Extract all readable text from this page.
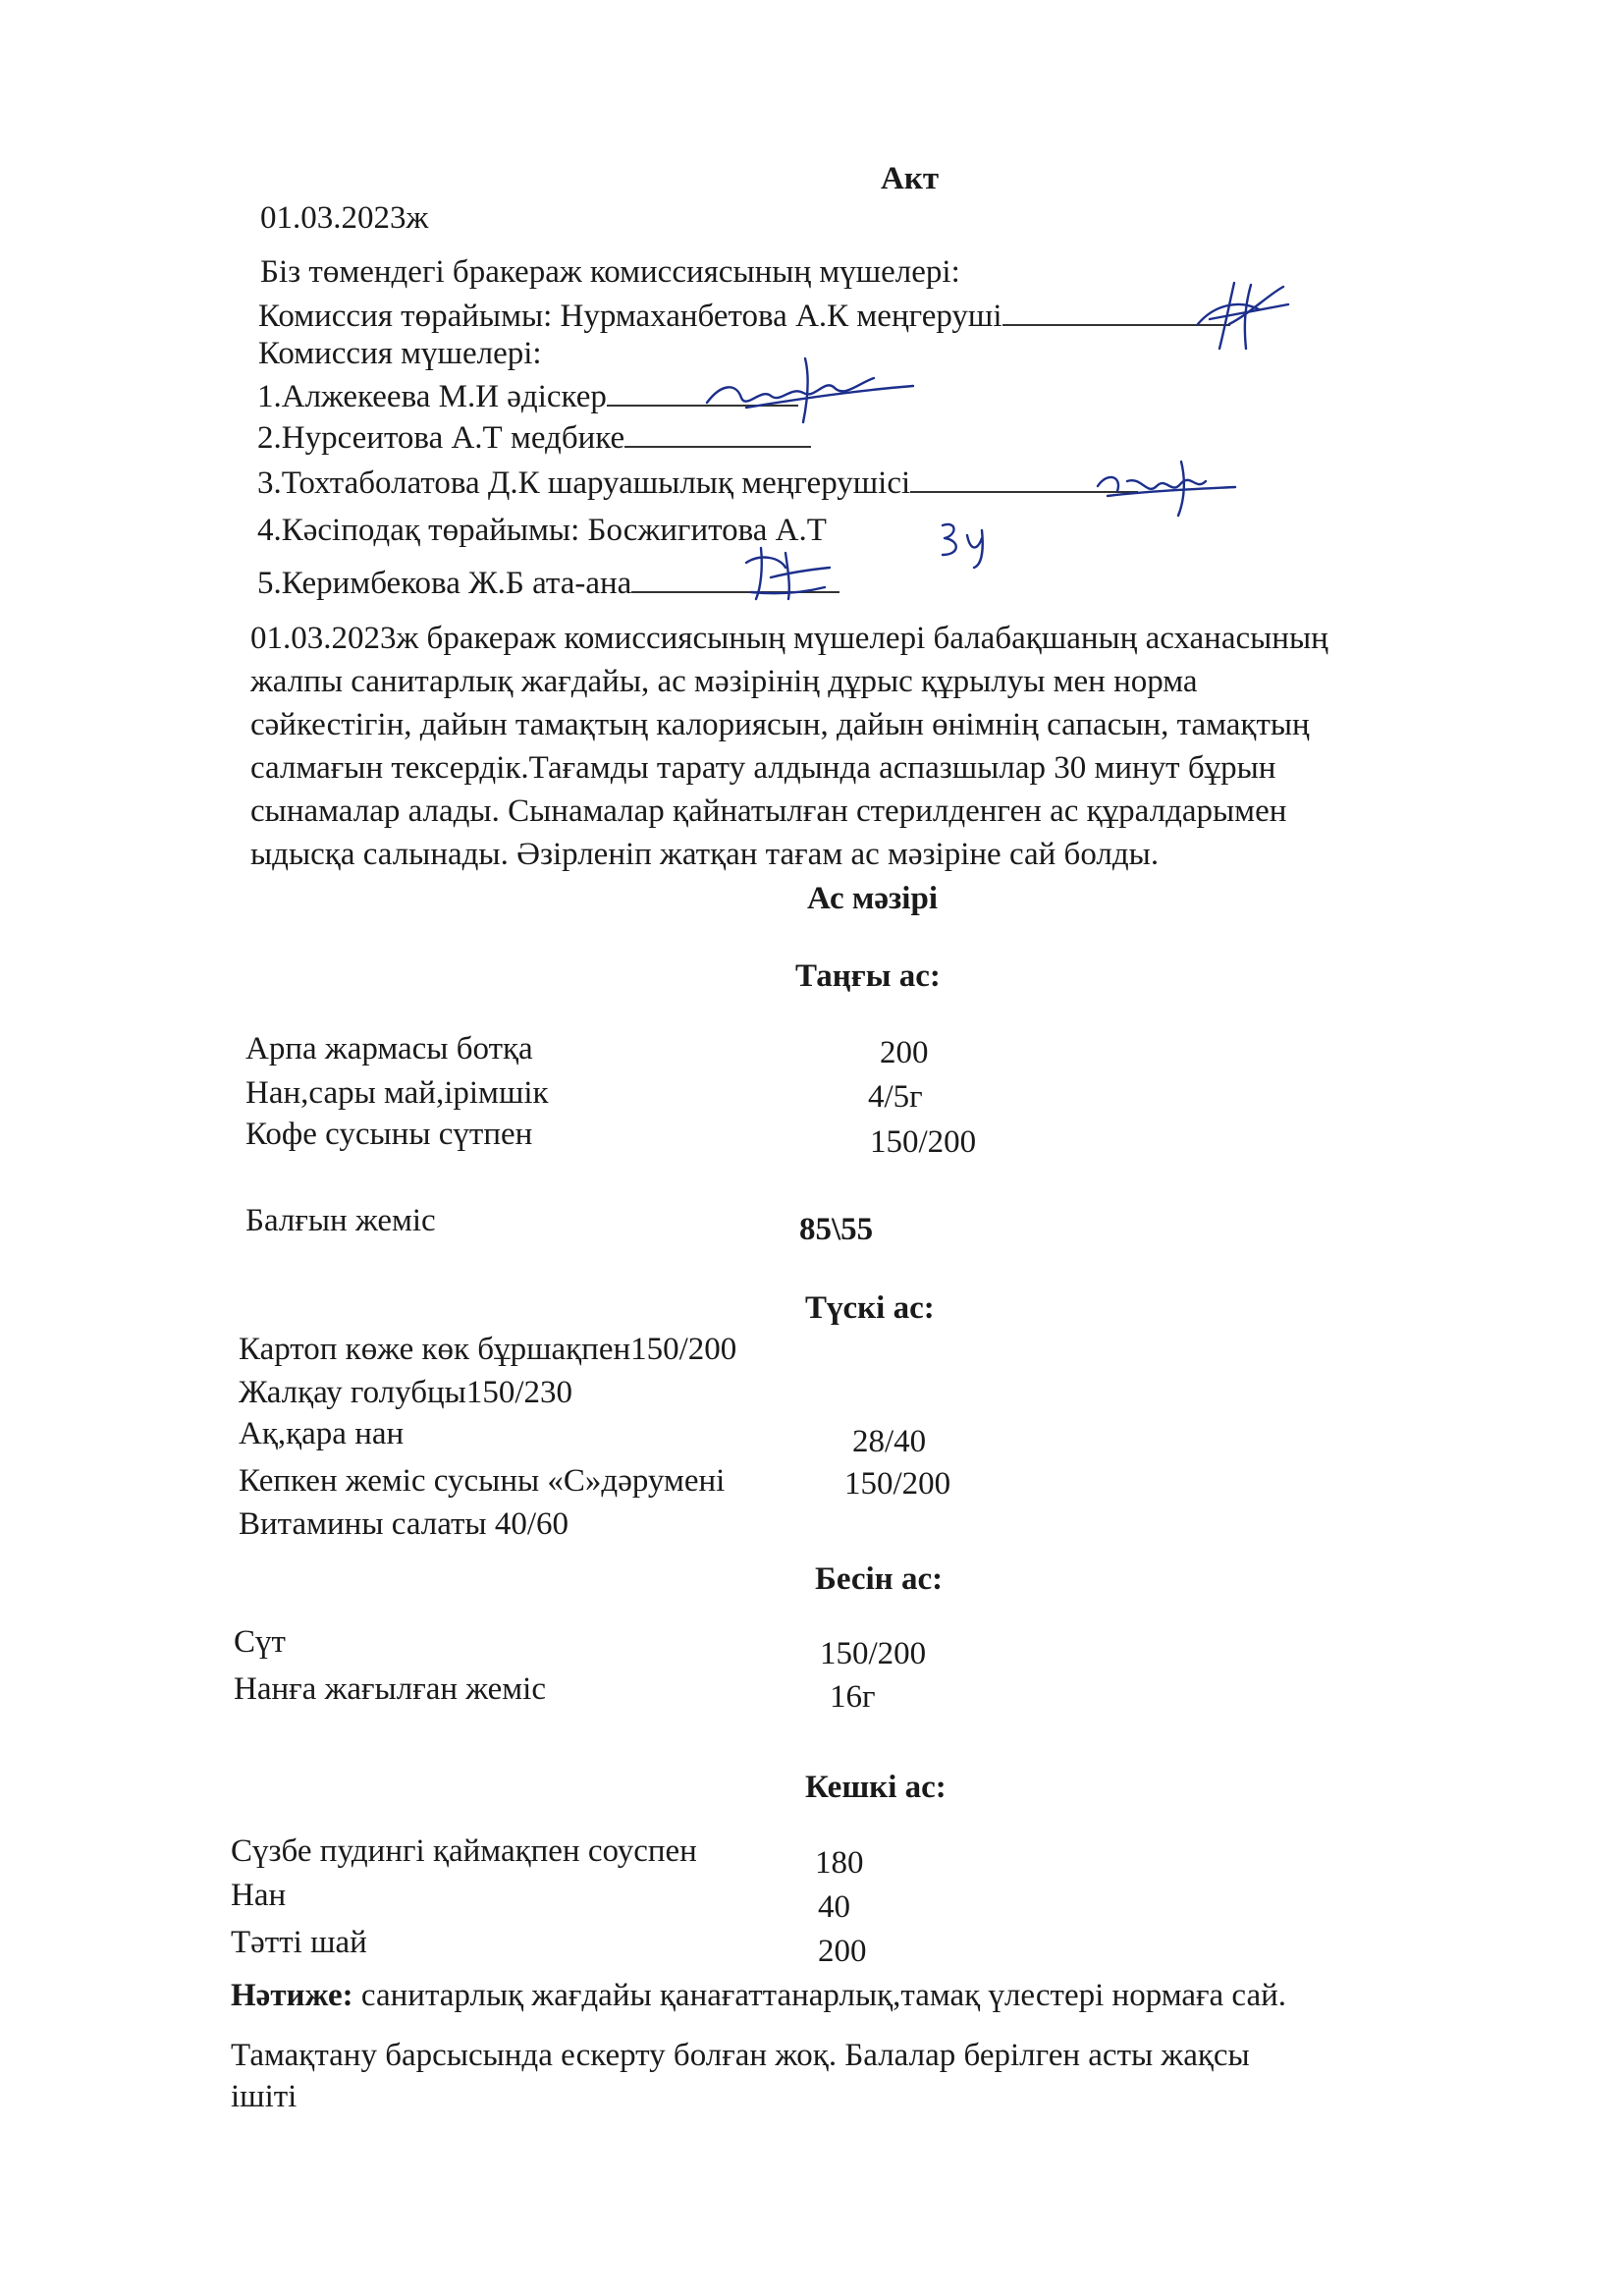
Акт
01.03.2023ж
Біз төмендегі бракераж комиссиясының мүшелері:
Комиссия төрайымы: Нурмаханбетова А.К меңгеруші
Комиссия мүшелері:
1.Алжекеева М.И әдіскер
2.Нурсеитова А.Т медбике
3.Тохтаболатова Д.К шаруашылық меңгерушісі
4.Кәсіподақ төрайымы: Босжигитова А.Т
5.Керимбекова Ж.Б ата-ана
01.03.2023ж бракераж комиссиясының мүшелері балабақшаның асханасының
жалпы санитарлық жағдайы, ас мәзірінің дұрыс құрылуы мен норма
сәйкестігін, дайын тамақтың калориясын, дайын өнімнің сапасын, тамақтың
салмағын тексердік.Тағамды тарату алдында аспазшылар 30 минут бұрын
сынамалар алады. Сынамалар қайнатылған стерилденген ас құралдарымен
ыдысқа салынады. Әзірленіп жатқан тағам ас мәзіріне сай болды.
Ас мәзірі
Таңғы ас:
Арпа жармасы ботқа	200
Нан,сары май,ірімшік	4/5г
Кофе сусыны сүтпен	150/200
Балғын жеміс	85\55
Түскі ас:
Картоп көже көк бұршақпен150/200
Жалқау голубцы150/230
Ақ,қара нан	28/40
Кепкен жеміс сусыны «С»дәрумені	150/200
Витамины салаты 40/60
Бесін ас:
Сүт	150/200
Нанға жағылған жеміс	16г
Кешкі ас:
Сүзбе пудингі қаймақпен соуспен	180
Нан	40
Тәтті шай	200
Нәтиже: санитарлық жағдайы қанағаттанарлық,тамақ үлестері нормаға сай.
Тамақтану барсысында ескерту болған жоқ. Балалар берілген асты жақсы
ішіті
